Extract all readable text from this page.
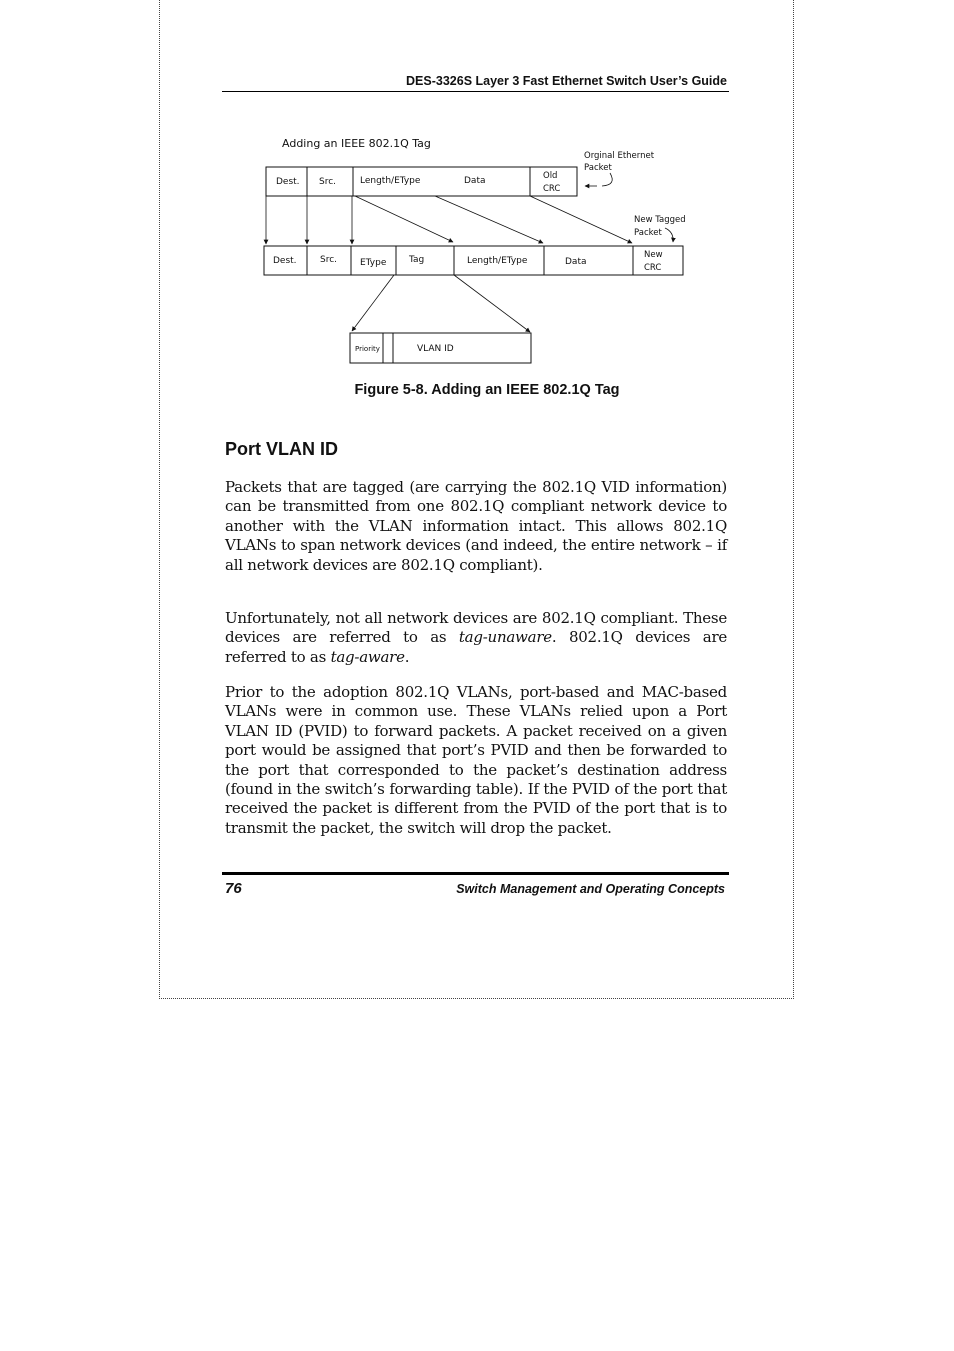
DES-3326S Layer 3 Fast Ethernet Switch User’s Guide
Adding an IEEE 802.1Q Tag
Dest. Src.	Length/EType	Data	Old
CRC
Orginal Ethernet
Packet
New Tagged
Packet
Dest.	Src.	EType	Tag	Length/EType	Data
New
CRC
Priority	VLAN ID
Figure 5-8. Adding an IEEE 802.1Q Tag
Port VLAN ID

Packets that are tagged (are carrying the 802.1Q VID information) can be transmitted from one 802.1Q compliant network device to another with the VLAN information intact. This allows 802.1Q VLANs to span network devices (and indeed, the entire network – if all network devices are 802.1Q compliant).

Unfortunately, not all network devices are 802.1Q compliant. These devices are referred to as tag-unaware. 802.1Q devices are referred to as tag-aware.

Prior to the adoption 802.1Q VLANs, port-based and MAC-based VLANs were in common use. These VLANs relied upon a Port VLAN ID (PVID) to forward packets. A packet received on a given port would be assigned that port’s PVID and then be forwarded to the port that corresponded to the packet’s destination address (found in the switch’s forwarding table). If the PVID of the port that received the packet is different from the PVID of the port that is to transmit the packet, the switch will drop the packet.

76	Switch Management and Operating Concepts
